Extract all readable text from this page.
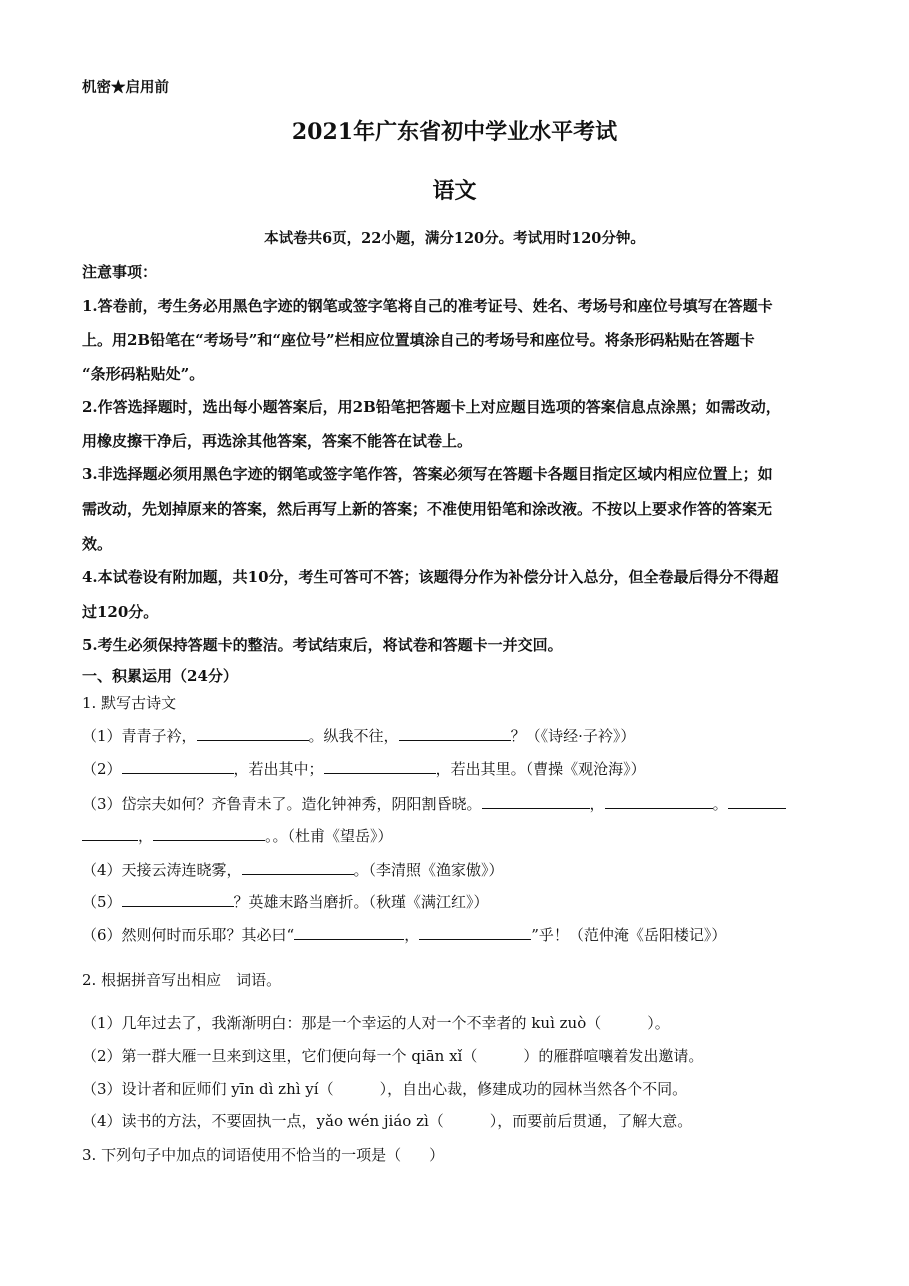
机密★启用前
2021年广东省初中学业水平考试
语文
本试卷共6页，22小题，满分120分。考试用时120分钟。
注意事项：
1.答卷前，考生务必用黑色字迹的钢笔或签字笔将自己的准考证号、姓名、考场号和座位号填写在答题卡
上。用2B铅笔在“考场号”和“座位号”栏相应位置填涂自己的考场号和座位号。将条形码粘贴在答题卡
“条形码粘贴处”。
2.作答选择题时，选出每小题答案后，用2B铅笔把答题卡上对应题目选项的答案信息点涂黑；如需改动，
用橡皮擦干净后，再选涂其他答案，答案不能答在试卷上。
3.非选择题必须用黑色字迹的钢笔或签字笔作答，答案必须写在答题卡各题目指定区域内相应位置上；如
需改动，先划掉原来的答案，然后再写上新的答案；不准使用铅笔和涂改液。不按以上要求作答的答案无
效。
4.本试卷设有附加题，共10分，考生可答可不答；该题得分作为补偿分计入总分，但全卷最后得分不得超
过120分。
5.考生必须保持答题卡的整洁。考试结束后，将试卷和答题卡一并交回。
一、积累运用（24分）
1. 默写古诗文
（1）青青子衿，	。纵我不往，	？（《诗经·子衿》）
（2）	，若出其中；	，若出其里。（曹操《观沧海》）
（3）岱宗夫如何？齐鲁青未了。造化钟神秀，阴阳割昏晓。	，	。
，	。。（杜甫《望岳》）
（4）天接云涛连晓雾，	。（李清照《渔家傲》）
（5）	？英雄末路当磨折。（秋瑾《满江红》）
（6）然则何时而乐耶？其必曰“	，	”乎！（范仲淹《岳阳楼记》）
2. 根据拼音写出相应　词语。
（1）几年过去了，我渐渐明白：那是一个幸运的人对一个不幸者的 kuì zuò（	）。
（2）第一群大雁一旦来到这里，它们便向每一个 qiān xǐ（	）的雁群喧嚷着发出邀请。
（3）设计者和匠师们 yīn dì zhì yí（	），自出心裁，修建成功的园林当然各个不同。
（4）读书的方法，不要固执一点，yǎo wén jiáo zì（	），而要前后贯通，了解大意。
3. 下列句子中加点的词语使用不恰当的一项是（ ）
